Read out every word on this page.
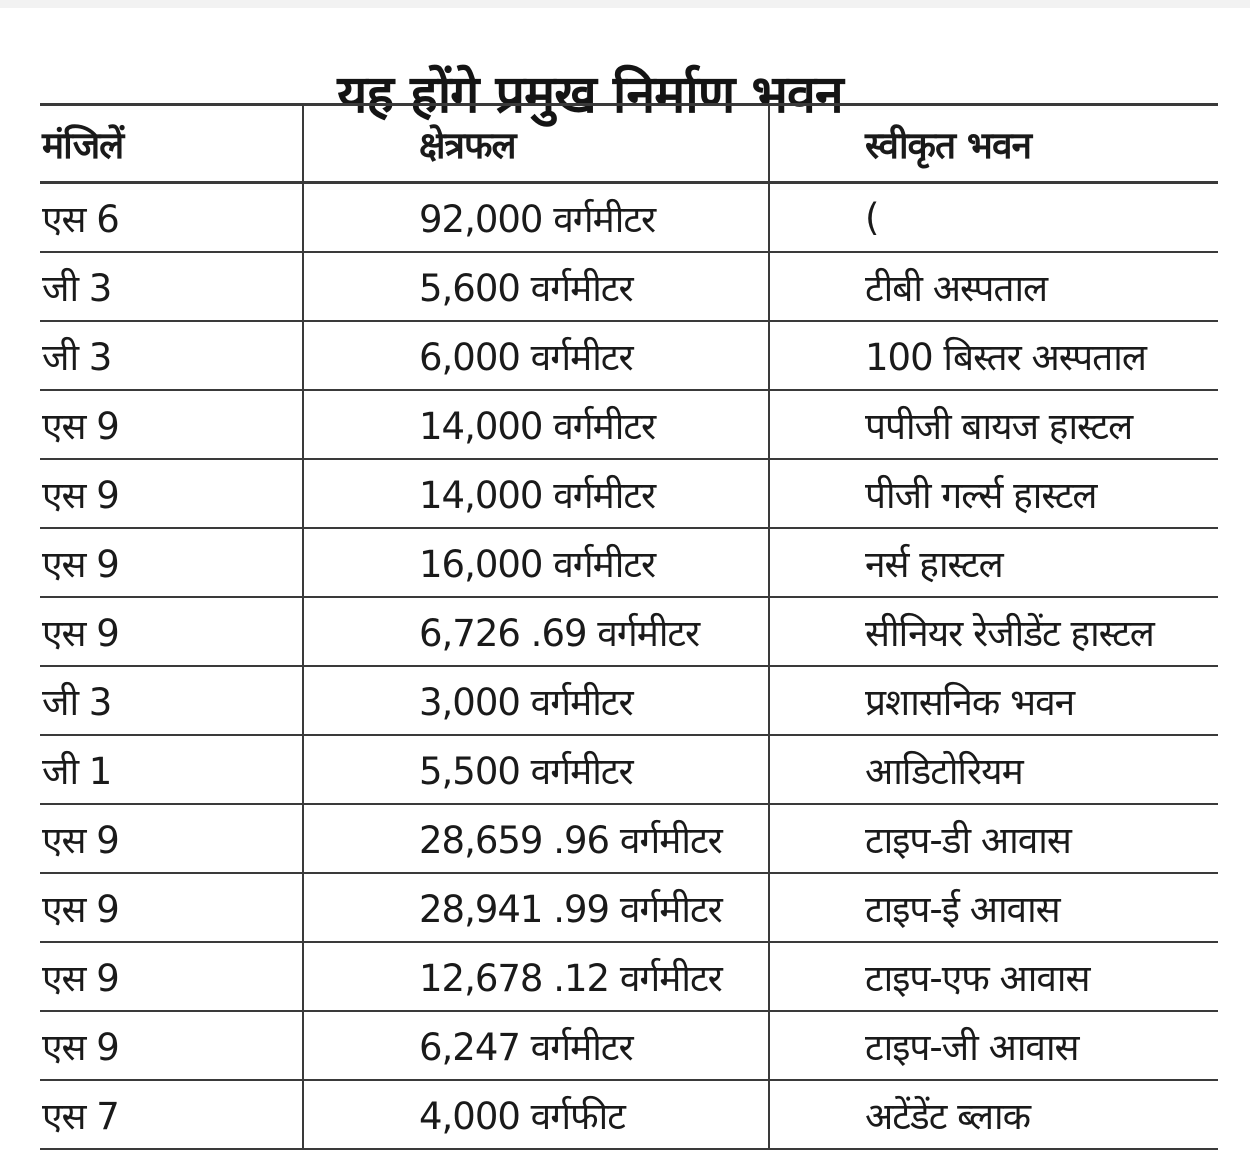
यह होंगे प्रमुख निर्माण भवन
मंजिलें	क्षेत्रफल	स्वीकृत भवन
एस 6	92,000 वर्गमीटर	(
जी 3	5,600 वर्गमीटर	टीबी अस्पताल
जी 3	6,000 वर्गमीटर	100 बिस्तर अस्पताल
एस 9	14,000 वर्गमीटर	पपीजी बायज हास्टल
एस 9	14,000 वर्गमीटर	पीजी गर्ल्स हास्टल
एस 9	16,000 वर्गमीटर	नर्स हास्टल
एस 9	6,726 .69 वर्गमीटर	सीनियर रेजीडेंट हास्टल
जी 3	3,000 वर्गमीटर	प्रशासनिक भवन
जी 1	5,500 वर्गमीटर	आडिटोरियम
एस 9	28,659 .96 वर्गमीटर	टाइप-डी आवास
एस 9	28,941 .99 वर्गमीटर	टाइप-ई आवास
एस 9	12,678 .12 वर्गमीटर	टाइप-एफ आवास
एस 9	6,247 वर्गमीटर	टाइप-जी आवास
एस 7	4,000 वर्गफीट	अटेंडेंट ब्लाक
